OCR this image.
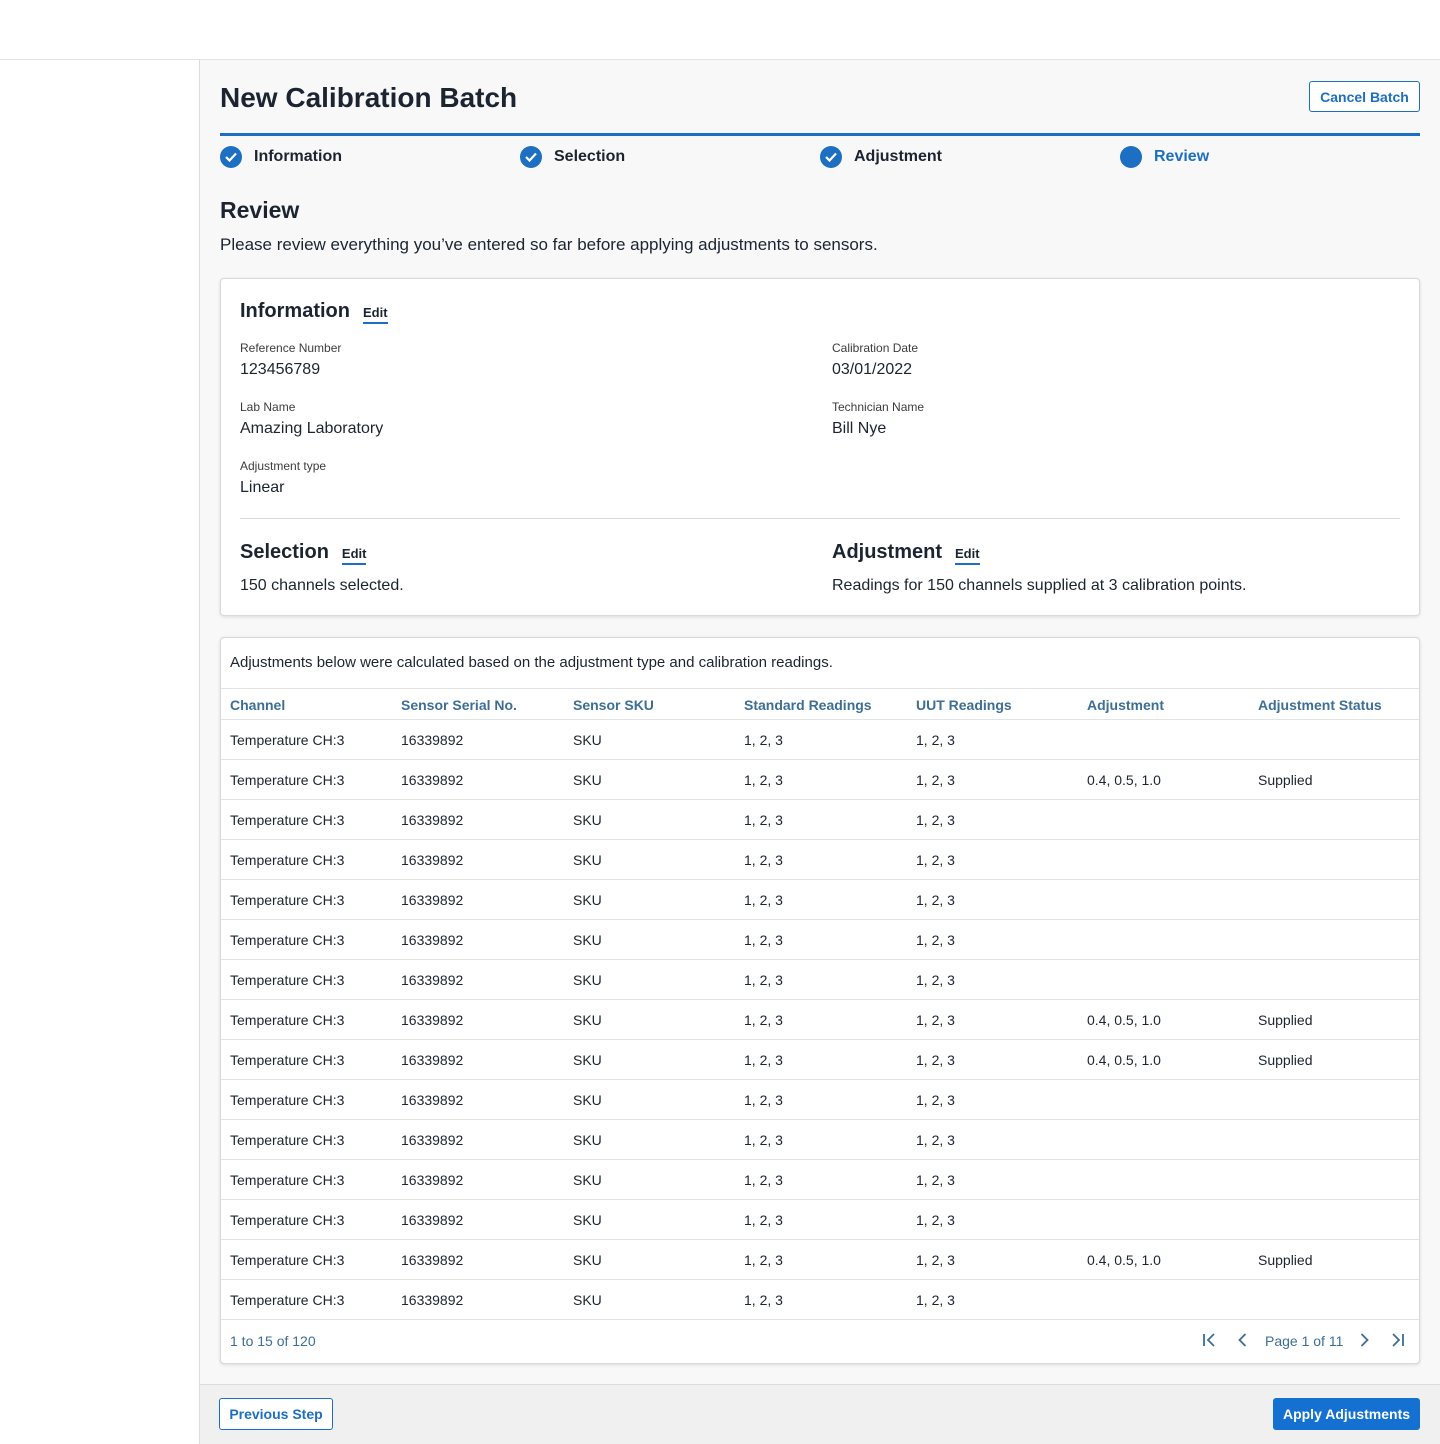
New Calibration Batch	Cancel Batch
Information	Selection	Adjustment	Review
Review

Please review everything you’ve entered so far before applying adjustments to sensors.

Information Edit
Reference Number
123456789
Calibration Date
03/01/2022
Lab Name
Amazing Laboratory
Technician Name
Bill Nye
Adjustment type
Linear
Selection Edit
150 channels selected.
Adjustment Edit
Readings for 150 channels supplied at 3 calibration points.
Adjustments below were calculated based on the adjustment type and calibration readings.
Channel	Sensor Serial No.	Sensor SKU	Standard Readings	UUT Readings	Adjustment	Adjustment Status
Temperature CH:3	16339892	SKU	1, 2, 3	1, 2, 3
Temperature CH:3	16339892	SKU	1, 2, 3	1, 2, 3	0.4, 0.5, 1.0	Supplied
Temperature CH:3	16339892	SKU	1, 2, 3	1, 2, 3
Temperature CH:3	16339892	SKU	1, 2, 3	1, 2, 3
Temperature CH:3	16339892	SKU	1, 2, 3	1, 2, 3
Temperature CH:3	16339892	SKU	1, 2, 3	1, 2, 3
Temperature CH:3	16339892	SKU	1, 2, 3	1, 2, 3
Temperature CH:3	16339892	SKU	1, 2, 3	1, 2, 3	0.4, 0.5, 1.0	Supplied
Temperature CH:3	16339892	SKU	1, 2, 3	1, 2, 3	0.4, 0.5, 1.0	Supplied
Temperature CH:3	16339892	SKU	1, 2, 3	1, 2, 3
Temperature CH:3	16339892	SKU	1, 2, 3	1, 2, 3
Temperature CH:3	16339892	SKU	1, 2, 3	1, 2, 3
Temperature CH:3	16339892	SKU	1, 2, 3	1, 2, 3
Temperature CH:3	16339892	SKU	1, 2, 3	1, 2, 3	0.4, 0.5, 1.0	Supplied
Temperature CH:3	16339892	SKU	1, 2, 3	1, 2, 3
1 to 15 of 120	Page 1 of 11
Previous Step	Apply Adjustments
